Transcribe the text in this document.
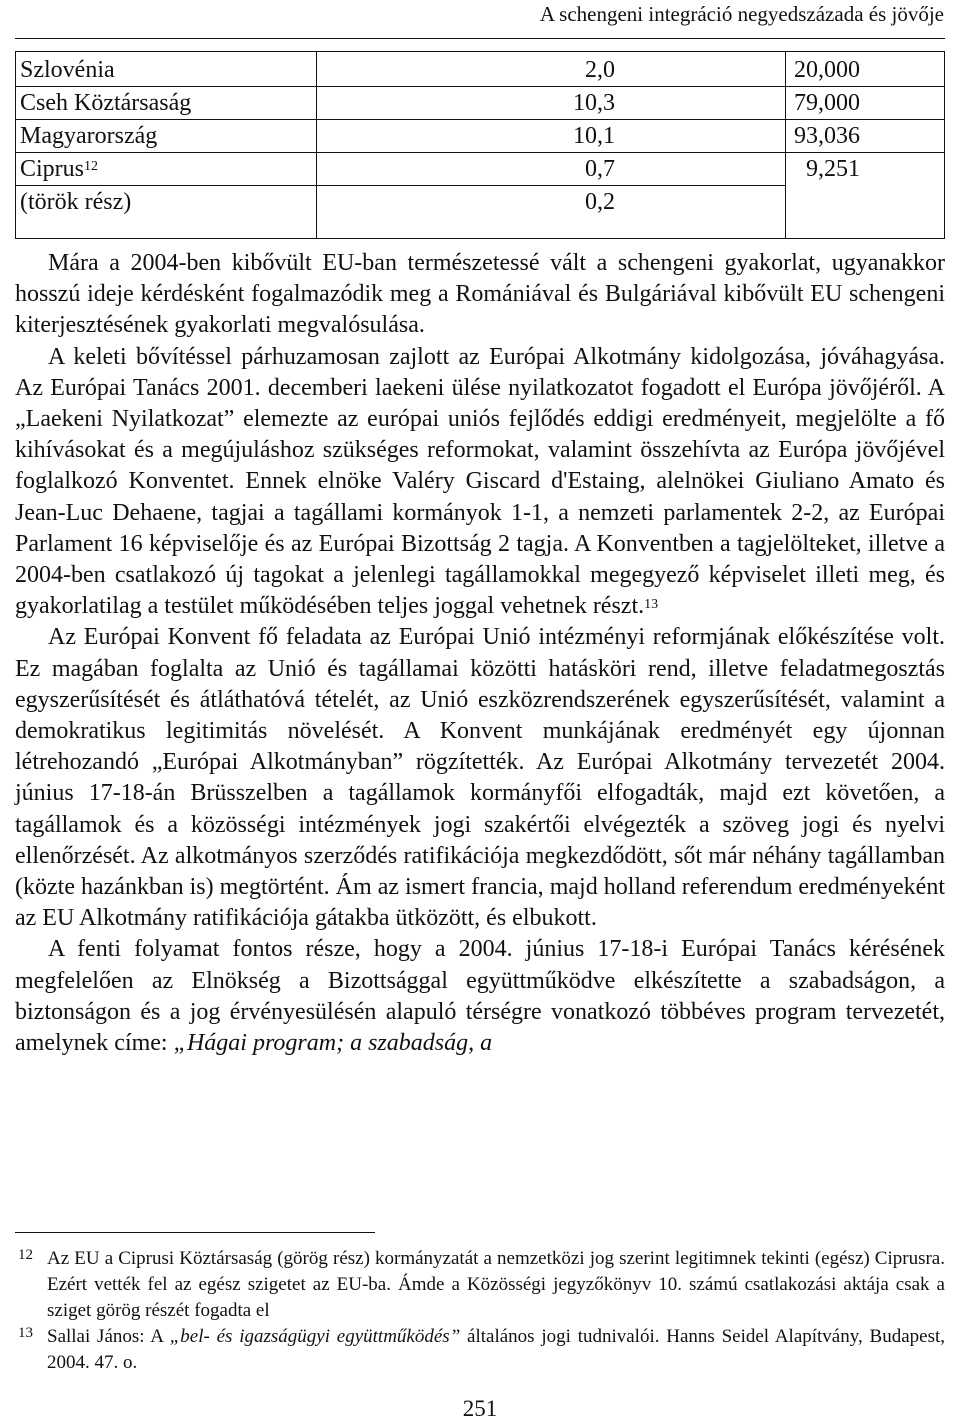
A schengeni integráció negyedszázada és jövője
Szlovénia	2,0	20,000
Cseh Köztársaság	10,3	79,000
Magyarország	10,1	93,036
Ciprus$^{12}$	0,7	9,251
(török rész)	0,2	

Mára a 2004-ben kibővült EU-ban természetessé vált a schengeni gyakorlat, ugyanakkor hosszú ideje kérdésként fogalmazódik meg a Romániával és Bulgáriával kibővült EU schengeni kiterjesztésének gyakorlati megvalósulása.

A keleti bővítéssel párhuzamosan zajlott az Európai Alkotmány kidolgozása, jóváhagyása. Az Európai Tanács 2001. decemberi laekeni ülése nyilatkozatot fogadott el Európa jövőjéről. A „Laekeni Nyilatkozat” elemezte az európai uniós fejlődés eddigi eredményeit, megjelölte a fő kihívásokat és a megújuláshoz szükséges reformokat, valamint összehívta az Európa jövőjével foglalkozó Konventet. Ennek elnöke Valéry Giscard d'Estaing, alelnökei Giuliano Amato és Jean-Luc Dehaene, tagjai a tagállami kormányok 1-1, a nemzeti parlamentek 2-2, az Európai Parlament 16 képviselője és az Európai Bizottság 2 tagja. A Konventben a tagjelölteket, illetve a 2004-ben csatlakozó új tagokat a jelenlegi tagállamokkal megegyező képviselet illeti meg, és gyakorlatilag a testület működésében teljes joggal vehetnek részt.$^{13}$

Az Európai Konvent fő feladata az Európai Unió intézményi reformjának előkészítése volt. Ez magában foglalta az Unió és tagállamai közötti hatásköri rend, illetve feladatmegosztás egyszerűsítését és átláthatóvá tételét, az Unió eszközrendszerének egyszerűsítését, valamint a demokratikus legitimitás növelését. A Konvent munkájának eredményét egy újonnan létrehozandó „Európai Alkotmányban” rögzítették. Az Európai Alkotmány tervezetét 2004. június 17-18-án Brüsszelben a tagállamok kormányfői elfogadták, majd ezt követően, a tagállamok és a közösségi intézmények jogi szakértői elvégezték a szöveg jogi és nyelvi ellenőrzését. Az alkotmányos szerződés ratifikációja megkezdődött, sőt már néhány tagállamban (közte hazánkban is) megtörtént. Ám az ismert francia, majd holland referendum eredményeként az EU Alkotmány ratifikációja gátakba ütközött, és elbukott.

A fenti folyamat fontos része, hogy a 2004. június 17-18-i Európai Tanács kérésének megfelelően az Elnökség a Bizottsággal együttműködve elkészítette a szabadságon, a biztonságon és a jog érvényesülésén alapuló térségre vonatkozó többéves program tervezetét, amelynek címe: „Hágai program; a szabadság, a

12 Az EU a Ciprusi Köztársaság (görög rész) kormányzatát a nemzetközi jog szerint legitimnek tekinti (egész) Ciprusra. Ezért vették fel az egész szigetet az EU-ba. Ámde a Közösségi jegyzőkönyv 10. számú csatlakozási aktája csak a sziget görög részét fogadta el
13 Sallai János: A „bel- és igazságügyi együttműködés” általános jogi tudnivalói. Hanns Seidel Alapítvány, Budapest, 2004. 47. o.
251
